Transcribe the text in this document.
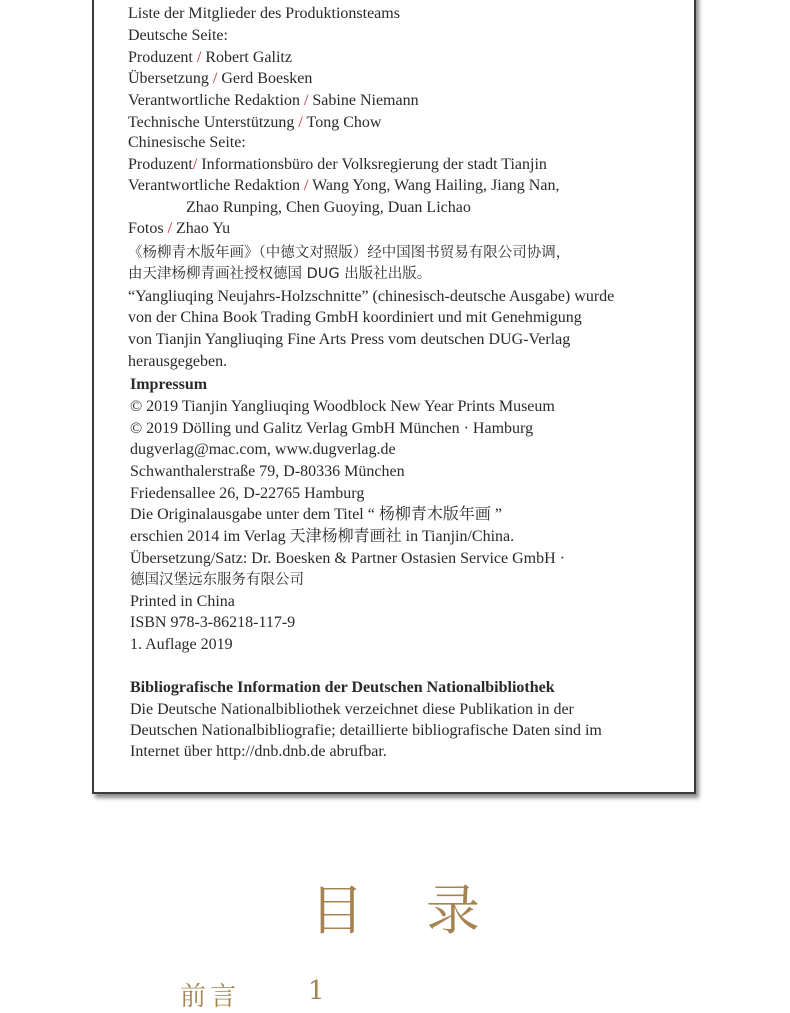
Liste der Mitglieder des Produktionsteams
Deutsche Seite:
Produzent / Robert Galitz
Übersetzung / Gerd Boesken
Verantwortliche Redaktion / Sabine Niemann
Technische Unterstützung / Tong Chow
Chinesische Seite:
Produzent/ Informationsbüro der Volksregierung der stadt Tianjin
Verantwortliche Redaktion / Wang Yong, Wang Hailing, Jiang Nan,
Zhao Runping, Chen Guoying, Duan Lichao
Fotos / Zhao Yu
《杨柳青木版年画》（中德文对照版）经中国图书贸易有限公司协调，
由天津杨柳青画社授权德国 DUG 出版社出版。
“Yangliuqing Neujahrs-Holzschnitte” (chinesisch-deutsche Ausgabe) wurde
von der China Book Trading GmbH koordiniert und mit Genehmigung
von Tianjin Yangliuqing Fine Arts Press vom deutschen DUG-Verlag
herausgegeben.
Impressum
© 2019 Tianjin Yangliuqing Woodblock New Year Prints Museum
© 2019 Dölling und Galitz Verlag GmbH München · Hamburg
dugverlag@mac.com, www.dugverlag.de
Schwanthalerstraße 79, D-80336 München
Friedensallee 26, D-22765 Hamburg
Die Originalausgabe unter dem Titel “ 杨柳青木版年画 ”
erschien 2014 im Verlag 天津杨柳青画社 in Tianjin/China.
Übersetzung/Satz: Dr. Boesken & Partner Ostasien Service GmbH ·
德国汉堡远东服务有限公司
Printed in China
ISBN 978-3-86218-117-9
1. Auflage 2019
Bibliografische Information der Deutschen Nationalbibliothek
Die Deutsche Nationalbibliothek verzeichnet diese Publikation in der
Deutschen Nationalbibliografie; detaillierte bibliografische Daten sind im
Internet über http://dnb.dnb.de abrufbar.
目录
前言	1
